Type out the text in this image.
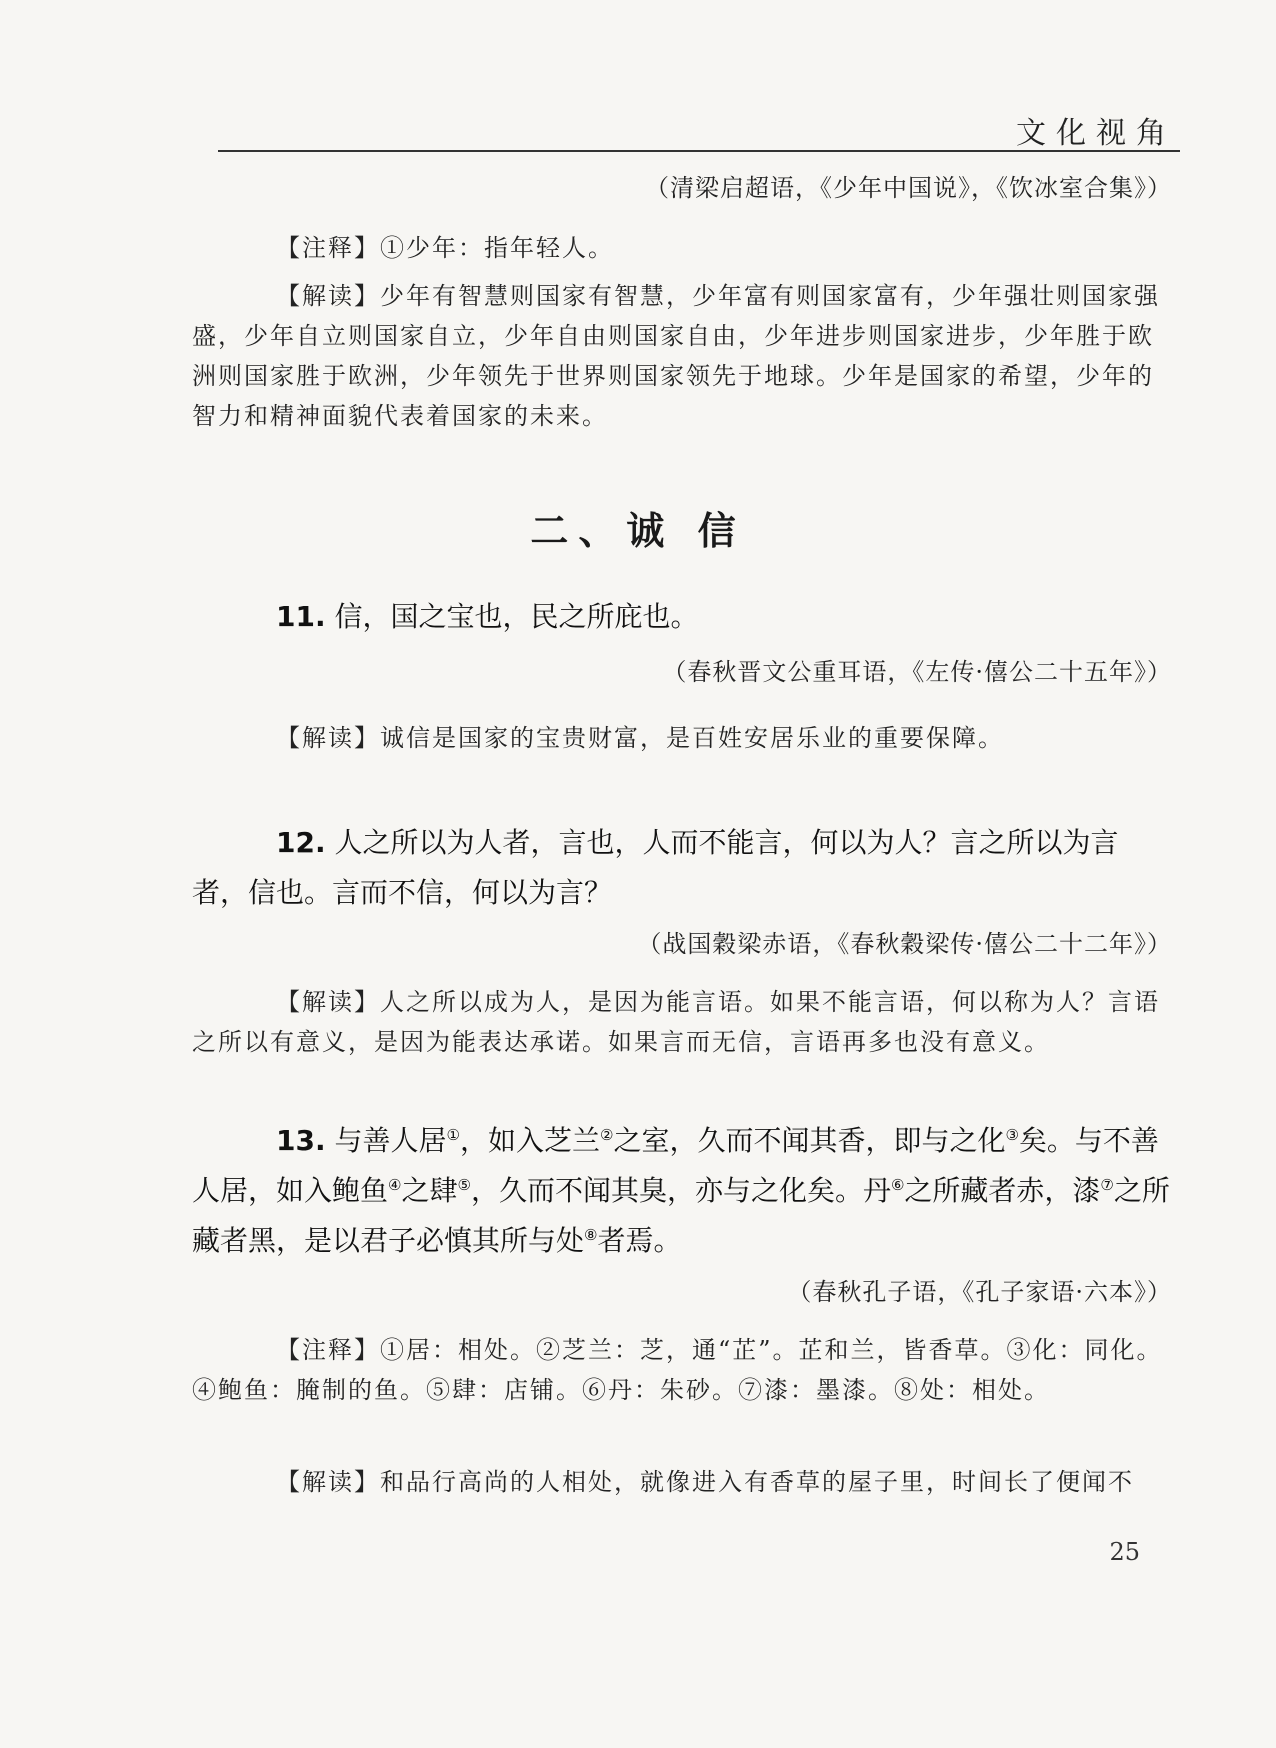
文化视角
（清梁启超语，《少年中国说》，《饮冰室合集》）
【注释】①少年：指年轻人。
【解读】少年有智慧则国家有智慧，少年富有则国家富有，少年强壮则国家强盛，少年自立则国家自立，少年自由则国家自由，少年进步则国家进步，少年胜于欧洲则国家胜于欧洲，少年领先于世界则国家领先于地球。少年是国家的希望，少年的智力和精神面貌代表着国家的未来。
二、诚 信
11. 信，国之宝也，民之所庇也。
（春秋晋文公重耳语，《左传·僖公二十五年》）
【解读】诚信是国家的宝贵财富，是百姓安居乐业的重要保障。
12. 人之所以为人者，言也，人而不能言，何以为人？言之所以为言者，信也。言而不信，何以为言？
（战国穀梁赤语，《春秋穀梁传·僖公二十二年》）
【解读】人之所以成为人，是因为能言语。如果不能言语，何以称为人？言语之所以有意义，是因为能表达承诺。如果言而无信，言语再多也没有意义。
13. 与善人居①，如入芝兰②之室，久而不闻其香，即与之化③矣。与不善人居，如入鲍鱼④之肆⑤，久而不闻其臭，亦与之化矣。丹⑥之所藏者赤，漆⑦之所藏者黑，是以君子必慎其所与处⑧者焉。
（春秋孔子语，《孔子家语·六本》）
【注释】①居：相处。②芝兰：芝，通“芷”。芷和兰，皆香草。③化：同化。④鲍鱼：腌制的鱼。⑤肆：店铺。⑥丹：朱砂。⑦漆：墨漆。⑧处：相处。
【解读】和品行高尚的人相处，就像进入有香草的屋子里，时间长了便闻不
25
